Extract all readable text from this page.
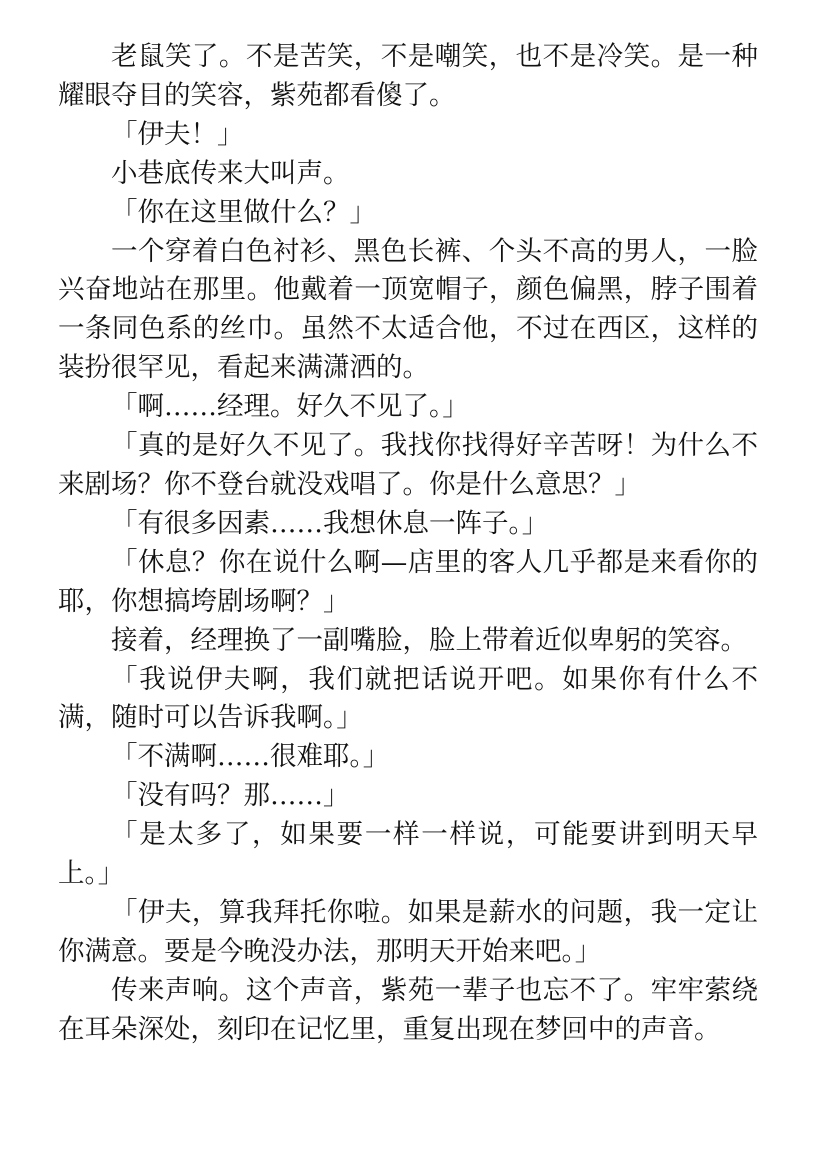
老鼠笑了。不是苦笑，不是嘲笑，也不是冷笑。是一种耀眼夺目的笑容，紫苑都看傻了。

「伊夫！」

小巷底传来大叫声。

「你在这里做什么？」

一个穿着白色衬衫、黑色长裤、个头不高的男人，一脸兴奋地站在那里。他戴着一顶宽帽子，颜色偏黑，脖子围着一条同色系的丝巾。虽然不太适合他，不过在西区，这样的装扮很罕见，看起来满潇洒的。

「啊……经理。好久不见了。」

「真的是好久不见了。我找你找得好辛苦呀！为什么不来剧场？你不登台就没戏唱了。你是什么意思？」

「有很多因素……我想休息一阵子。」

「休息？你在说什么啊—店里的客人几乎都是来看你的耶，你想搞垮剧场啊？」

接着，经理换了一副嘴脸，脸上带着近似卑躬的笑容。

「我说伊夫啊，我们就把话说开吧。如果你有什么不满，随时可以告诉我啊。」

「不满啊……很难耶。」

「没有吗？那……」

「是太多了，如果要一样一样说，可能要讲到明天早上。」

「伊夫，算我拜托你啦。如果是薪水的问题，我一定让你满意。要是今晚没办法，那明天开始来吧。」

传来声响。这个声音，紫苑一辈子也忘不了。牢牢萦绕在耳朵深处，刻印在记忆里，重复出现在梦回中的声音。
